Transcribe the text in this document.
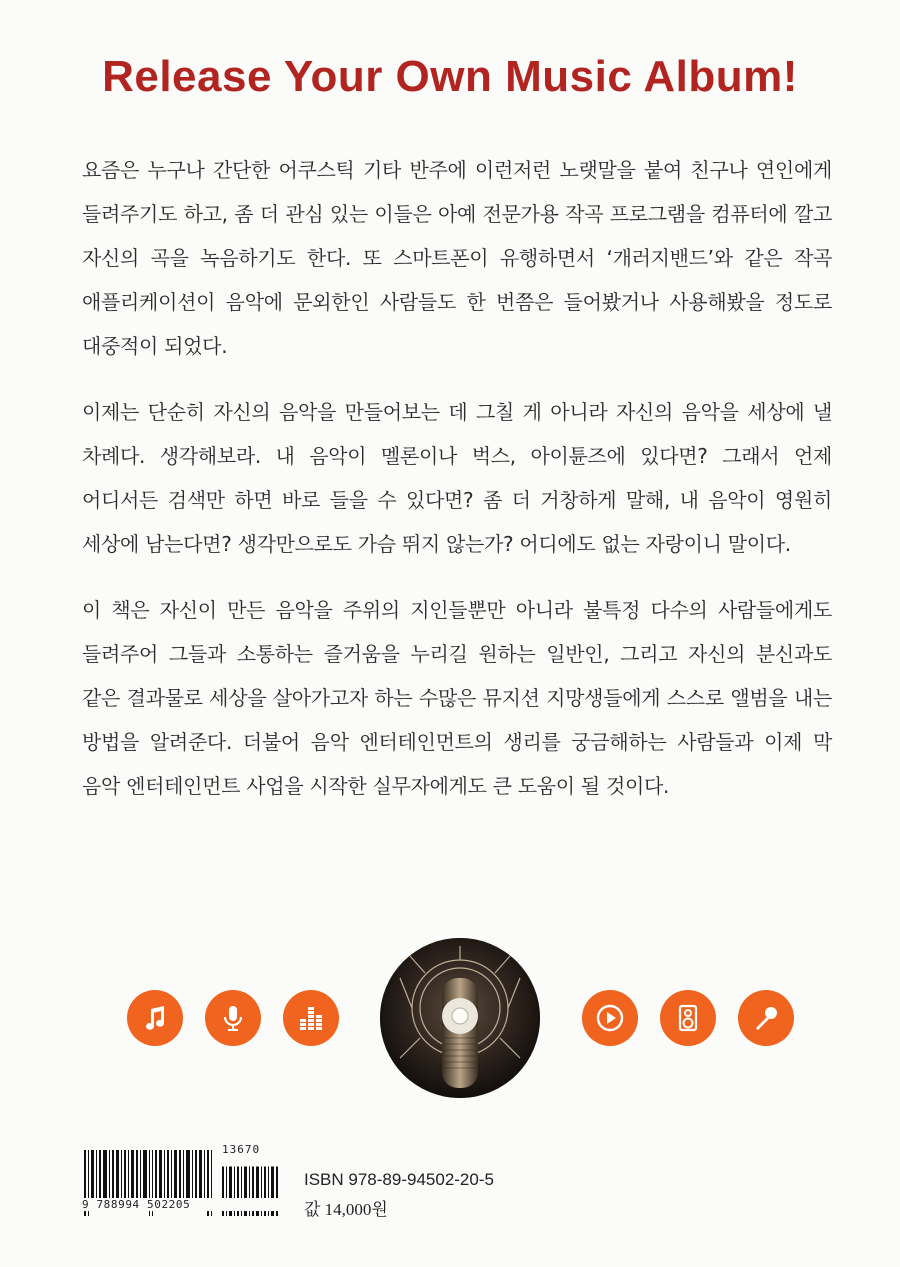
Release Your Own Music Album!

요즘은 누구나 간단한 어쿠스틱 기타 반주에 이런저런 노랫말을 붙여 친구나 연인에게 들려주기도 하고, 좀 더 관심 있는 이들은 아예 전문가용 작곡 프로그램을 컴퓨터에 깔고 자신의 곡을 녹음하기도 한다. 또 스마트폰이 유행하면서 ‘개러지밴드’와 같은 작곡 애플리케이션이 음악에 문외한인 사람들도 한 번쯤은 들어봤거나 사용해봤을 정도로 대중적이 되었다.

이제는 단순히 자신의 음악을 만들어보는 데 그칠 게 아니라 자신의 음악을 세상에 낼 차례다. 생각해보라. 내 음악이 멜론이나 벅스, 아이튠즈에 있다면? 그래서 언제 어디서든 검색만 하면 바로 들을 수 있다면? 좀 더 거창하게 말해, 내 음악이 영원히 세상에 남는다면? 생각만으로도 가슴 뛰지 않는가? 어디에도 없는 자랑이니 말이다.

이 책은 자신이 만든 음악을 주위의 지인들뿐만 아니라 불특정 다수의 사람들에게도 들려주어 그들과 소통하는 즐거움을 누리길 원하는 일반인, 그리고 자신의 분신과도 같은 결과물로 세상을 살아가고자 하는 수많은 뮤지션 지망생들에게 스스로 앨범을 내는 방법을 알려준다. 더불어 음악 엔터테인먼트의 생리를 궁금해하는 사람들과 이제 막 음악 엔터테인먼트 사업을 시작한 실무자에게도 큰 도움이 될 것이다.

13670
9 788994 502205
ISBN 978-89-94502-20-5
값 14,000원
